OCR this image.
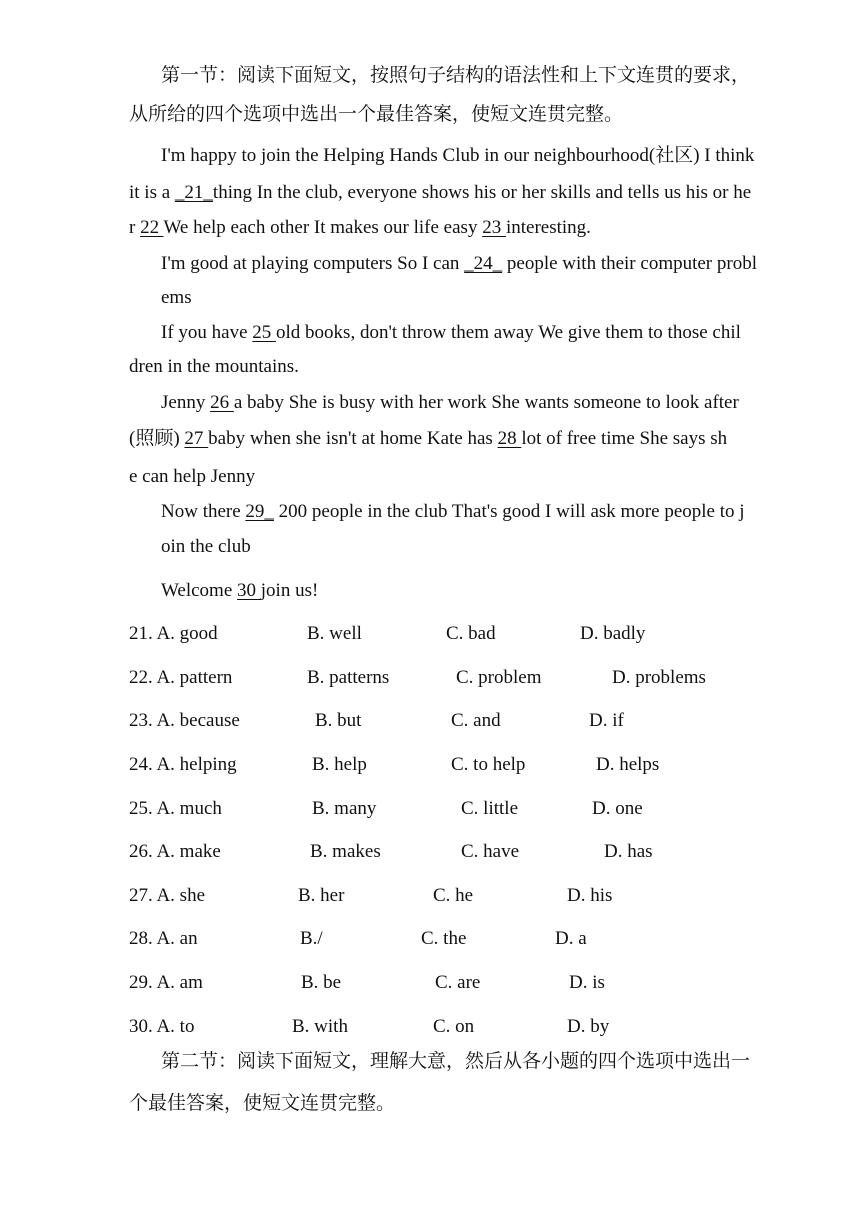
第一节：阅读下面短文，按照句子结构的语法性和上下文连贯的要求，
从所给的四个选项中选出一个最佳答案，使短文连贯完整。
I'm happy to join the Helping Hands Club in our neighbourhood(社区) I think
it is a _21_thing In the club, everyone shows his or her skills and tells us his or he
r 22 We help each other It makes our life easy 23 interesting.
I'm good at playing computers So I can _24_ people with their computer probl
ems
If you have 25 old books, don't throw them away We give them to those chil
dren in the mountains.
Jenny 26 a baby She is busy with her work She wants someone to look after
(照顾) 27 baby when she isn't at home Kate has 28 lot of free time She says sh
e can help Jenny
Now there 29_ 200 people in the club That's good I will ask more people to j
oin the club
Welcome 30 join us!
21. A. good	B. well	C. bad	D. badly
22. A. pattern	B. patterns	C. problem	D. problems
23. A. because	B. but	C. and	D. if
24. A. helping	B. help	C. to help	D. helps
25. A. much	B. many	C. little	D. one
26. A. make	B. makes	C. have	D. has
27. A. she	B. her	C. he	D. his
28. A. an	B./	C. the	D. a
29. A. am	B. be	C. are	D. is
30. A. to	B. with	C. on	D. by
第二节：阅读下面短文，理解大意，然后从各小题的四个选项中选出一
个最佳答案，使短文连贯完整。
